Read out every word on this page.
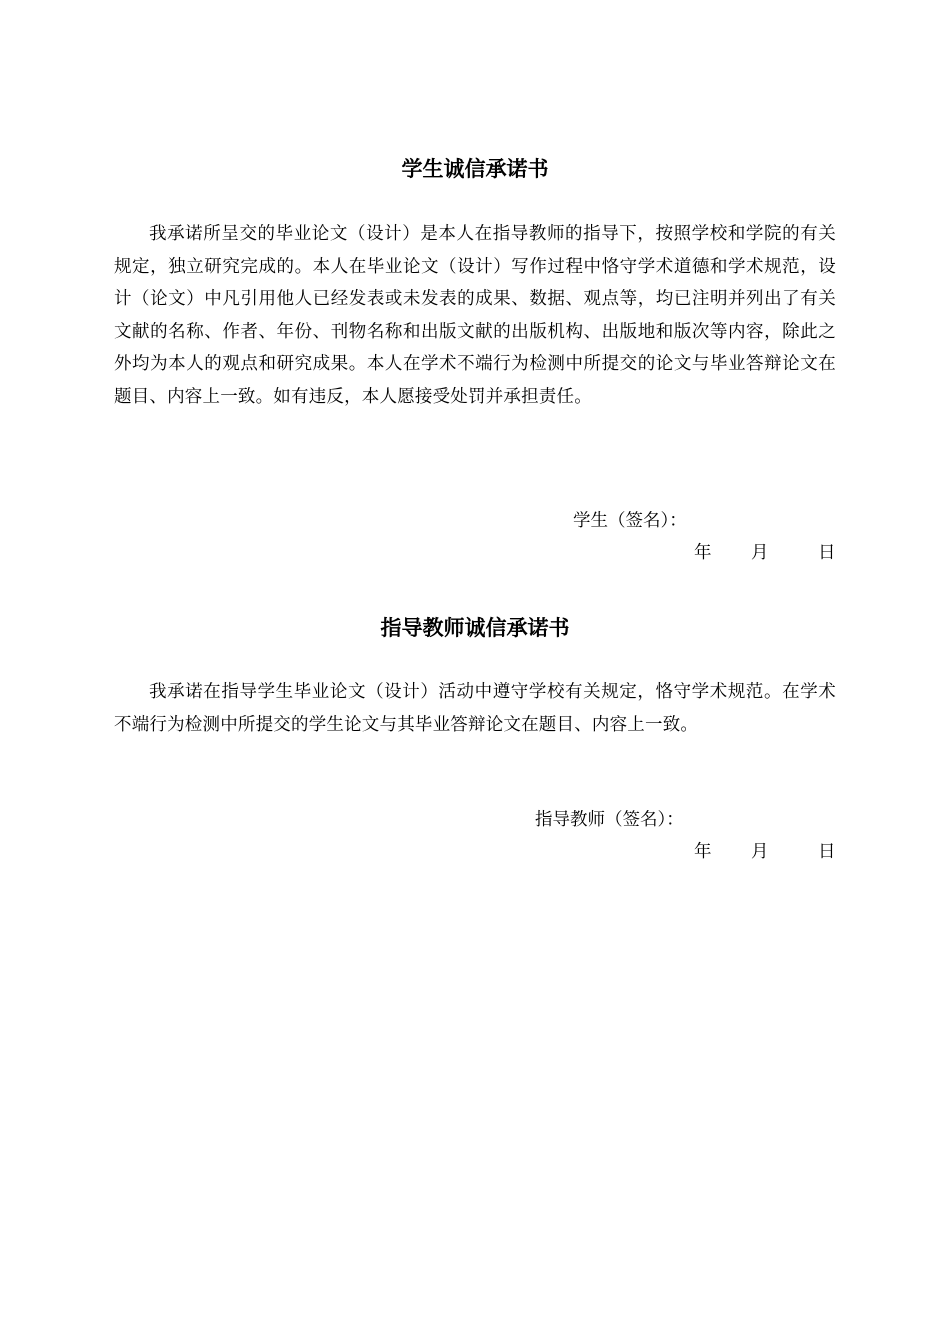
学生诚信承诺书

我承诺所呈交的毕业论文（设计）是本人在指导教师的指导下，按照学校和学院的有关规定，独立研究完成的。本人在毕业论文（设计）写作过程中恪守学术道德和学术规范，设计（论文）中凡引用他人已经发表或未发表的成果、数据、观点等，均已注明并列出了有关文献的名称、作者、年份、刊物名称和出版文献的出版机构、出版地和版次等内容，除此之外均为本人的观点和研究成果。本人在学术不端行为检测中所提交的论文与毕业答辩论文在题目、内容上一致。如有违反，本人愿接受处罚并承担责任。

学生（签名）：
年 月	日
指导教师诚信承诺书

我承诺在指导学生毕业论文（设计）活动中遵守学校有关规定，恪守学术规范。在学术不端行为检测中所提交的学生论文与其毕业答辩论文在题目、内容上一致。

指导教师（签名）：
年 月	日
